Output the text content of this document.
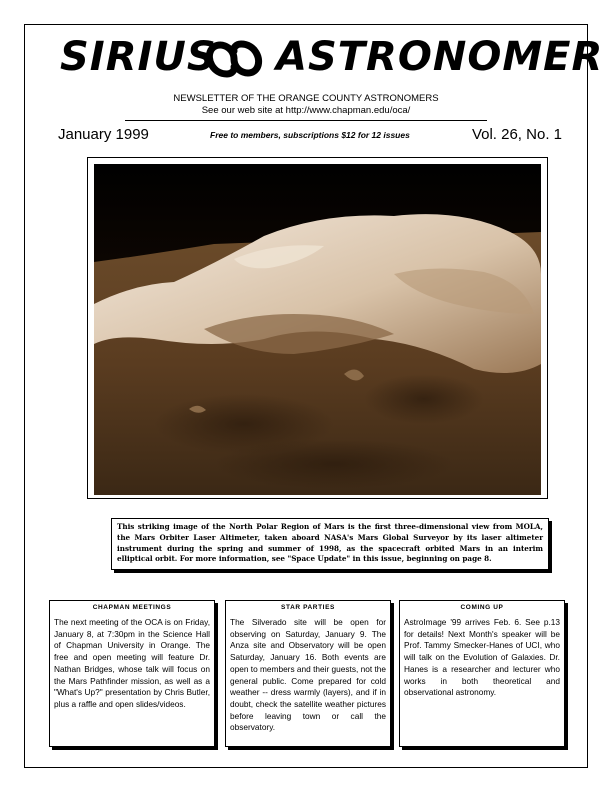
SIRIUS ASTRONOMER
NEWSLETTER OF THE ORANGE COUNTY ASTRONOMERS
See our web site at http://www.chapman.edu/oca/
January 1999	Free to members, subscriptions $12 for 12 issues	Vol. 26, No. 1
This striking image of the North Polar Region of Mars is the first three-dimensional view from MOLA, the Mars Orbiter Laser Altimeter, taken aboard NASA's Mars Global Surveyor by its laser altimeter instrument during the spring and summer of 1998, as the spacecraft orbited Mars in an interim elliptical orbit. For more information, see "Space Update" in this issue, beginning on page 8.
CHAPMAN MEETINGS
The next meeting of the OCA is on Friday, January 8, at 7:30pm in the Science Hall of Chapman University in Orange. The free and open meeting will feature Dr. Nathan Bridges, whose talk will focus on the Mars Pathfinder mission, as well as a "What's Up?" presentation by Chris Butler, plus a raffle and open slides/videos.
STAR PARTIES
The Silverado site will be open for observing on Saturday, January 9. The Anza site and Observatory will be open Saturday, January 16. Both events are open to members and their guests, not the general public. Come prepared for cold weather -- dress warmly (layers), and if in doubt, check the satellite weather pictures before leaving town or call the observatory.
COMING UP
AstroImage '99 arrives Feb. 6. See p.13 for details! Next Month's speaker will be Prof. Tammy Smecker-Hanes of UCI, who will talk on the Evolution of Galaxies. Dr. Hanes is a researcher and lecturer who works in both theoretical and observational astronomy.
